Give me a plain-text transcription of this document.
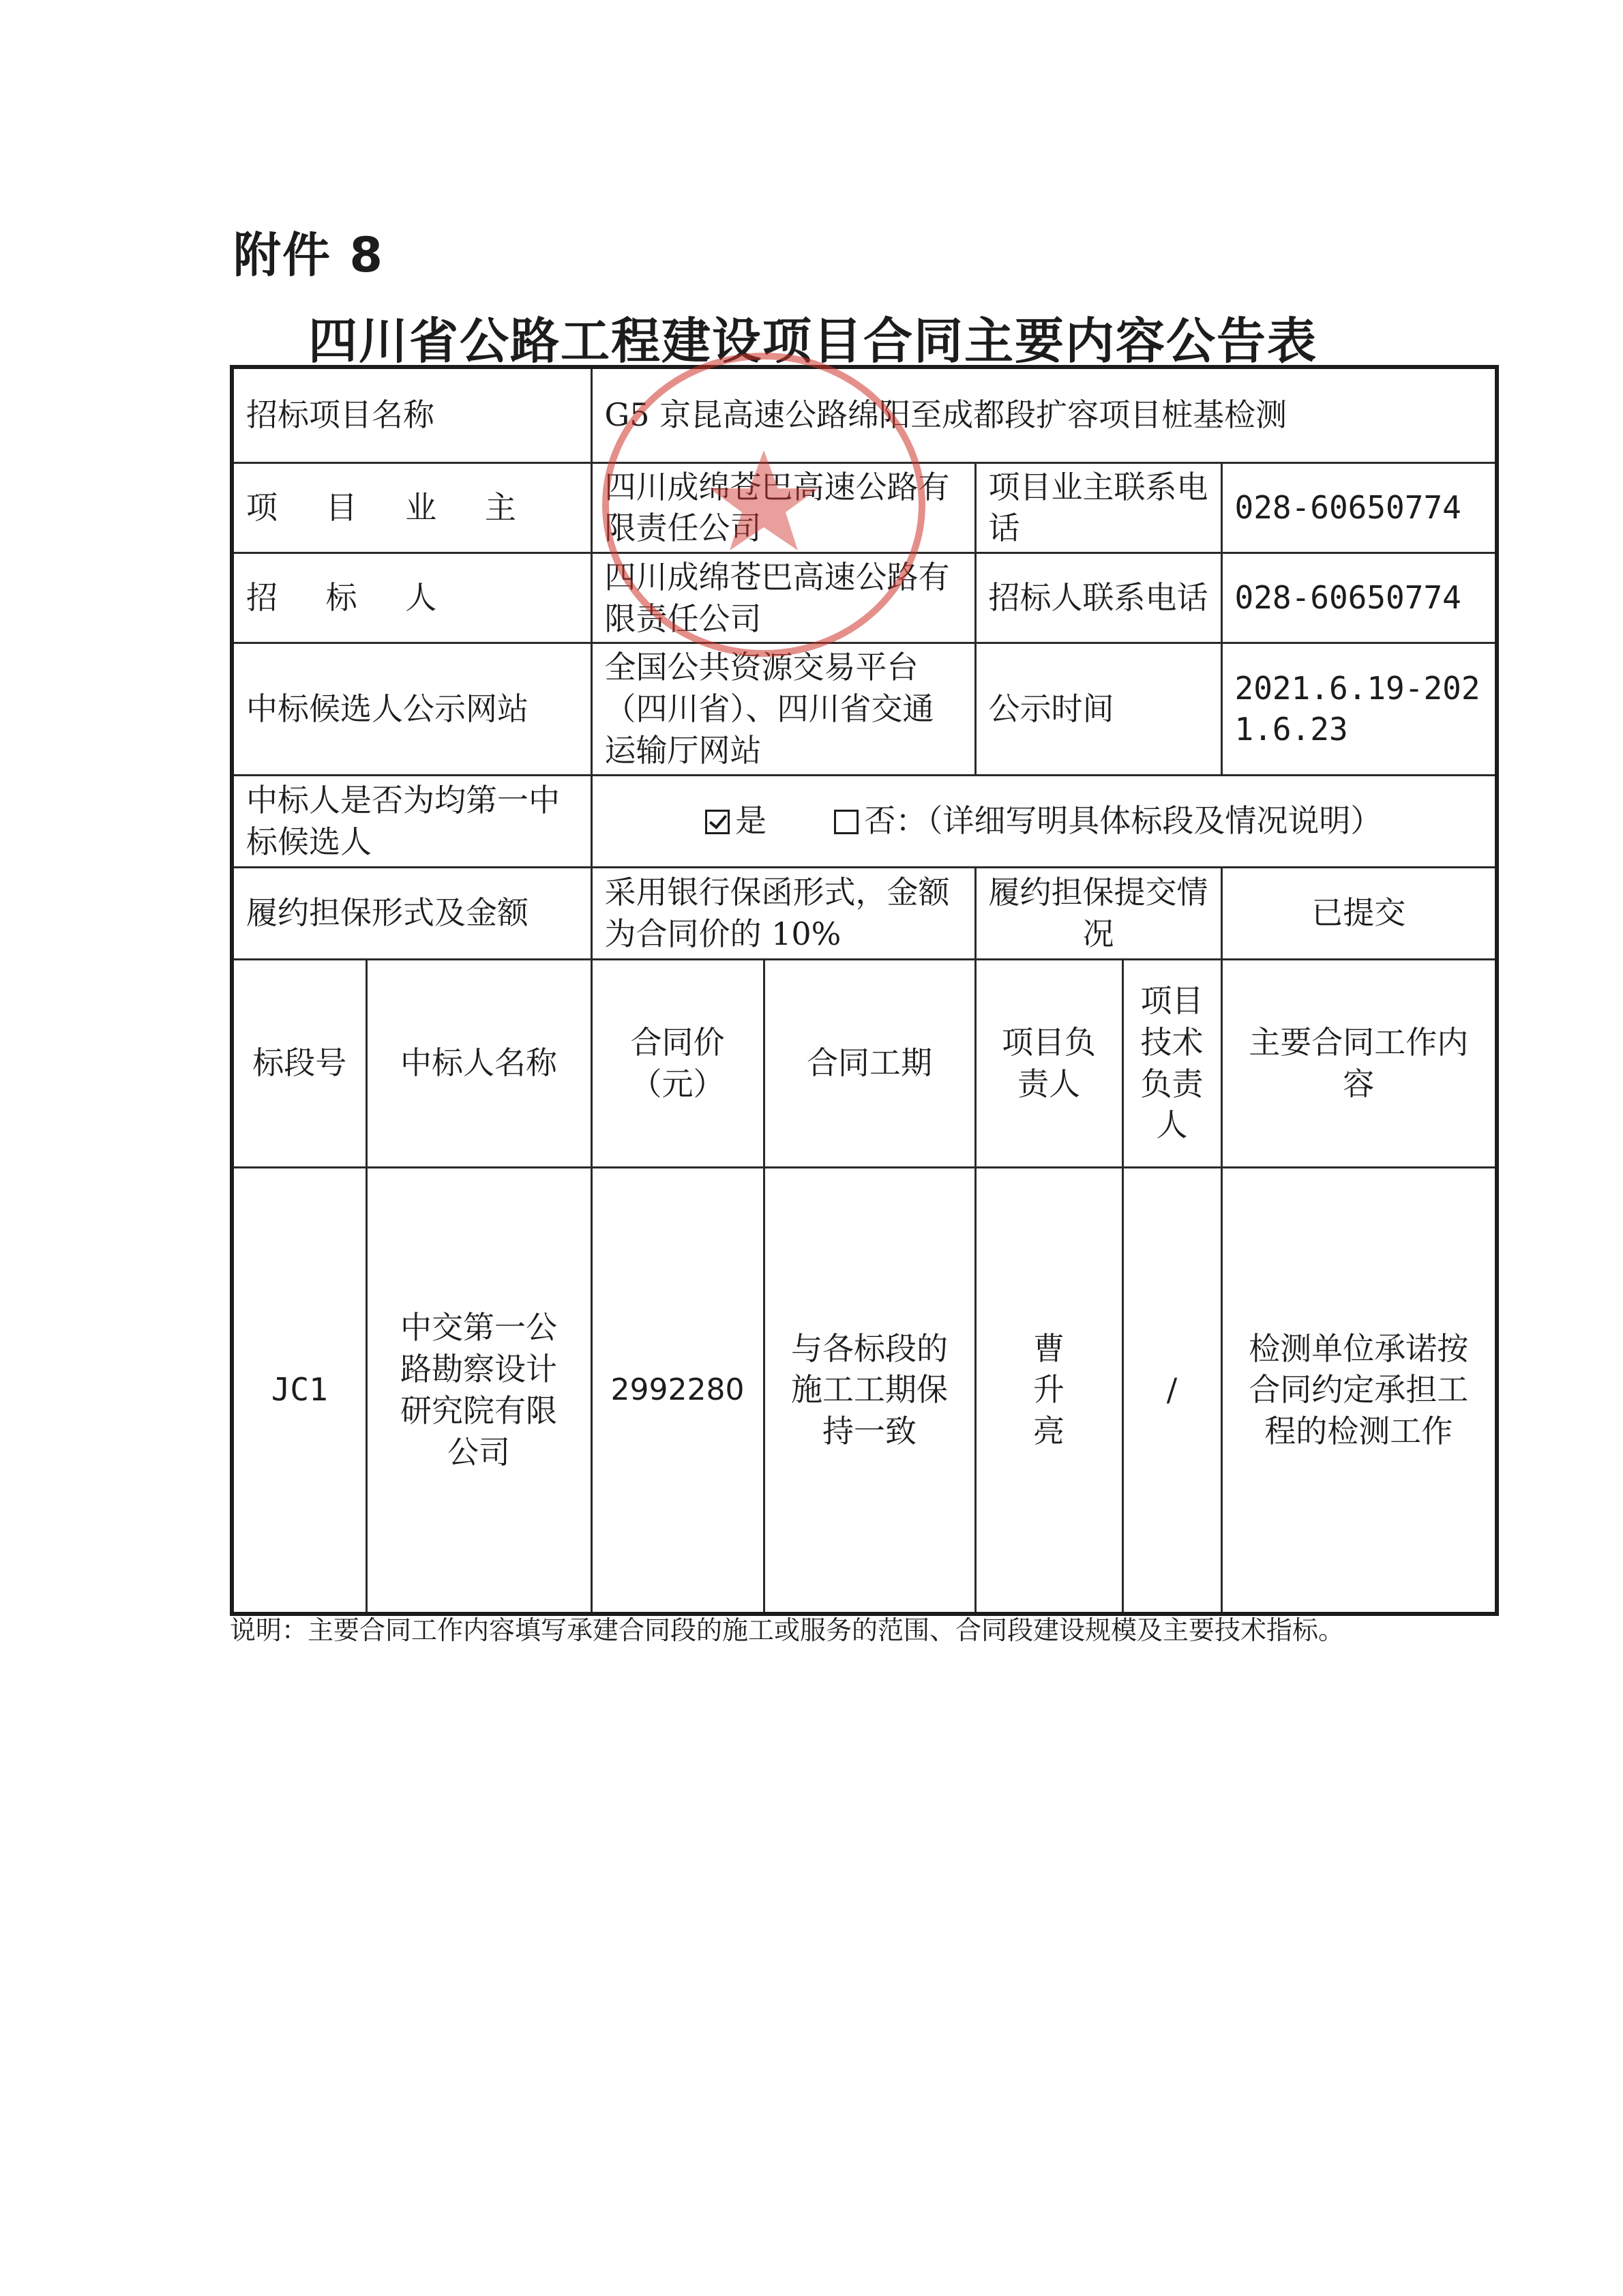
附件 8
四川省公路工程建设项目合同主要内容公告表
招标项目名称		G5 京昆高速公路绵阳至成都段扩容项目桩基检测				
项 目 业 主		四川成绵苍巴高速公路有限责任公司		项目业主联系电话		028-60650774
招 标 人		四川成绵苍巴高速公路有限责任公司		招标人联系电话		028-60650774
中标候选人公示网站		全国公共资源交易平台（四川省）、四川省交通运输厅网站		公示时间		2021.6.19-2021.6.23
中标人是否为均第一中标候选人		是 否：（详细写明具体标段及情况说明）				
履约担保形式及金额		采用银行保函形式，金额为合同价的 10%		履约担保提交情况		已提交
标段号	中标人名称	合同价（元）	合同工期	项目负责人	项目技术负责人	主要合同工作内容
JC1	中交第一公路勘察设计研究院有限公司	2992280	与各标段的施工工期保持一致	曹升亮	/	检测单位承诺按合同约定承担工程的检测工作
说明：主要合同工作内容填写承建合同段的施工或服务的范围、合同段建设规模及主要技术指标。
